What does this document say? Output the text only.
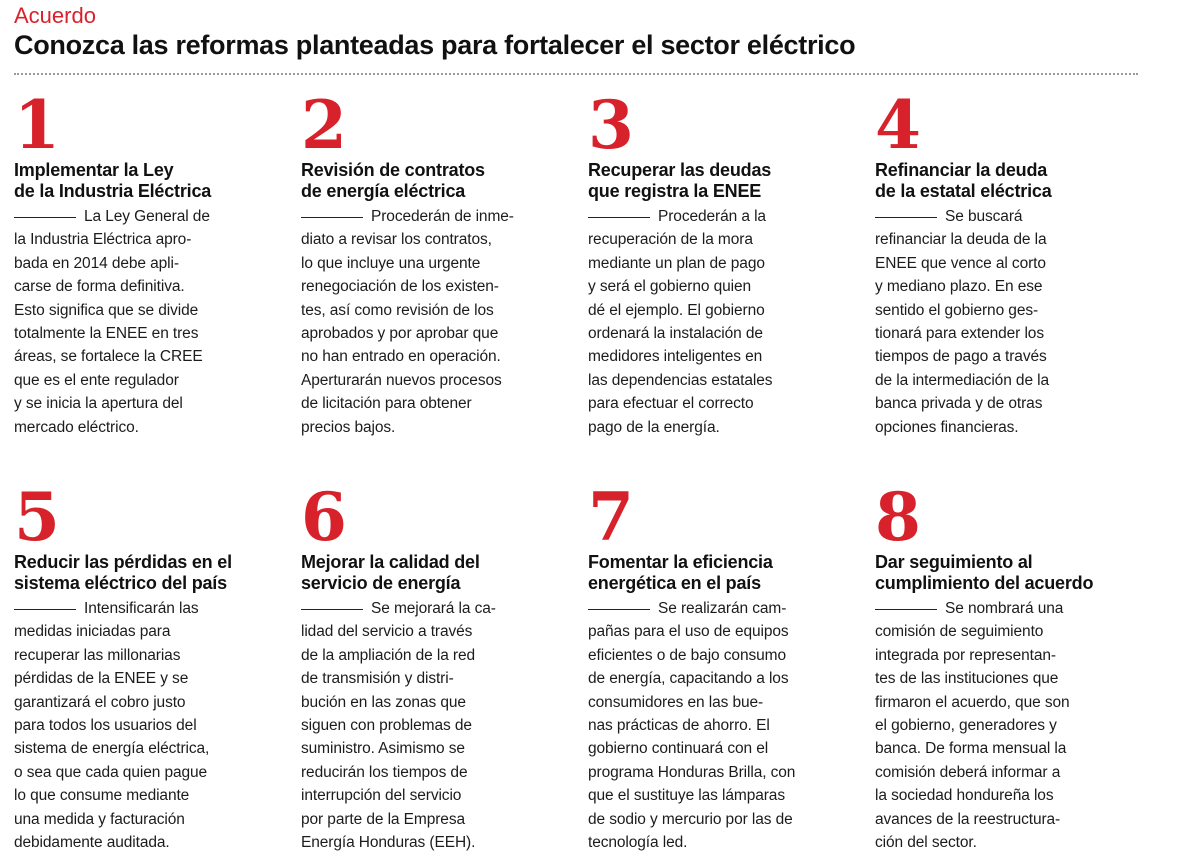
Acuerdo
Conozca las reformas planteadas para fortalecer el sector eléctrico
1
Implementar la Ley
de la Industria Eléctrica
La Ley General de
la Industria Eléctrica apro-
bada en 2014 debe apli-
carse de forma definitiva.
Esto significa que se divide
totalmente la ENEE en tres
áreas, se fortalece la CREE
que es el ente regulador
y se inicia la apertura del
mercado eléctrico.
2
Revisión de contratos
de energía eléctrica
Procederán de inme-
diato a revisar los contratos,
lo que incluye una urgente
renegociación de los existen-
tes, así como revisión de los
aprobados y por aprobar que
no han entrado en operación.
Aperturarán nuevos procesos
de licitación para obtener
precios bajos.
3
Recuperar las deudas
que registra la ENEE
Procederán a la
recuperación de la mora
mediante un plan de pago
y será el gobierno quien
dé el ejemplo. El gobierno
ordenará la instalación de
medidores inteligentes en
las dependencias estatales
para efectuar el correcto
pago de la energía.
4
Refinanciar la deuda
de la estatal eléctrica
Se buscará
refinanciar la deuda de la
ENEE que vence al corto
y mediano plazo. En ese
sentido el gobierno ges-
tionará para extender los
tiempos de pago a través
de la intermediación de la
banca privada y de otras
opciones financieras.
5
Reducir las pérdidas en el
sistema eléctrico del país
Intensificarán las
medidas iniciadas para
recuperar las millonarias
pérdidas de la ENEE y se
garantizará el cobro justo
para todos los usuarios del
sistema de energía eléctrica,
o sea que cada quien pague
lo que consume mediante
una medida y facturación
debidamente auditada.
6
Mejorar la calidad del
servicio de energía
Se mejorará la ca-
lidad del servicio a través
de la ampliación de la red
de transmisión y distri-
bución en las zonas que
siguen con problemas de
suministro. Asimismo se
reducirán los tiempos de
interrupción del servicio
por parte de la Empresa
Energía Honduras (EEH).
7
Fomentar la eficiencia
energética en el país
Se realizarán cam-
pañas para el uso de equipos
eficientes o de bajo consumo
de energía, capacitando a los
consumidores en las bue-
nas prácticas de ahorro. El
gobierno continuará con el
programa Honduras Brilla, con
que el sustituye las lámparas
de sodio y mercurio por las de
tecnología led.
8
Dar seguimiento al
cumplimiento del acuerdo
Se nombrará una
comisión de seguimiento
integrada por representan-
tes de las instituciones que
firmaron el acuerdo, que son
el gobierno, generadores y
banca. De forma mensual la
comisión deberá informar a
la sociedad hondureña los
avances de la reestructura-
ción del sector.
